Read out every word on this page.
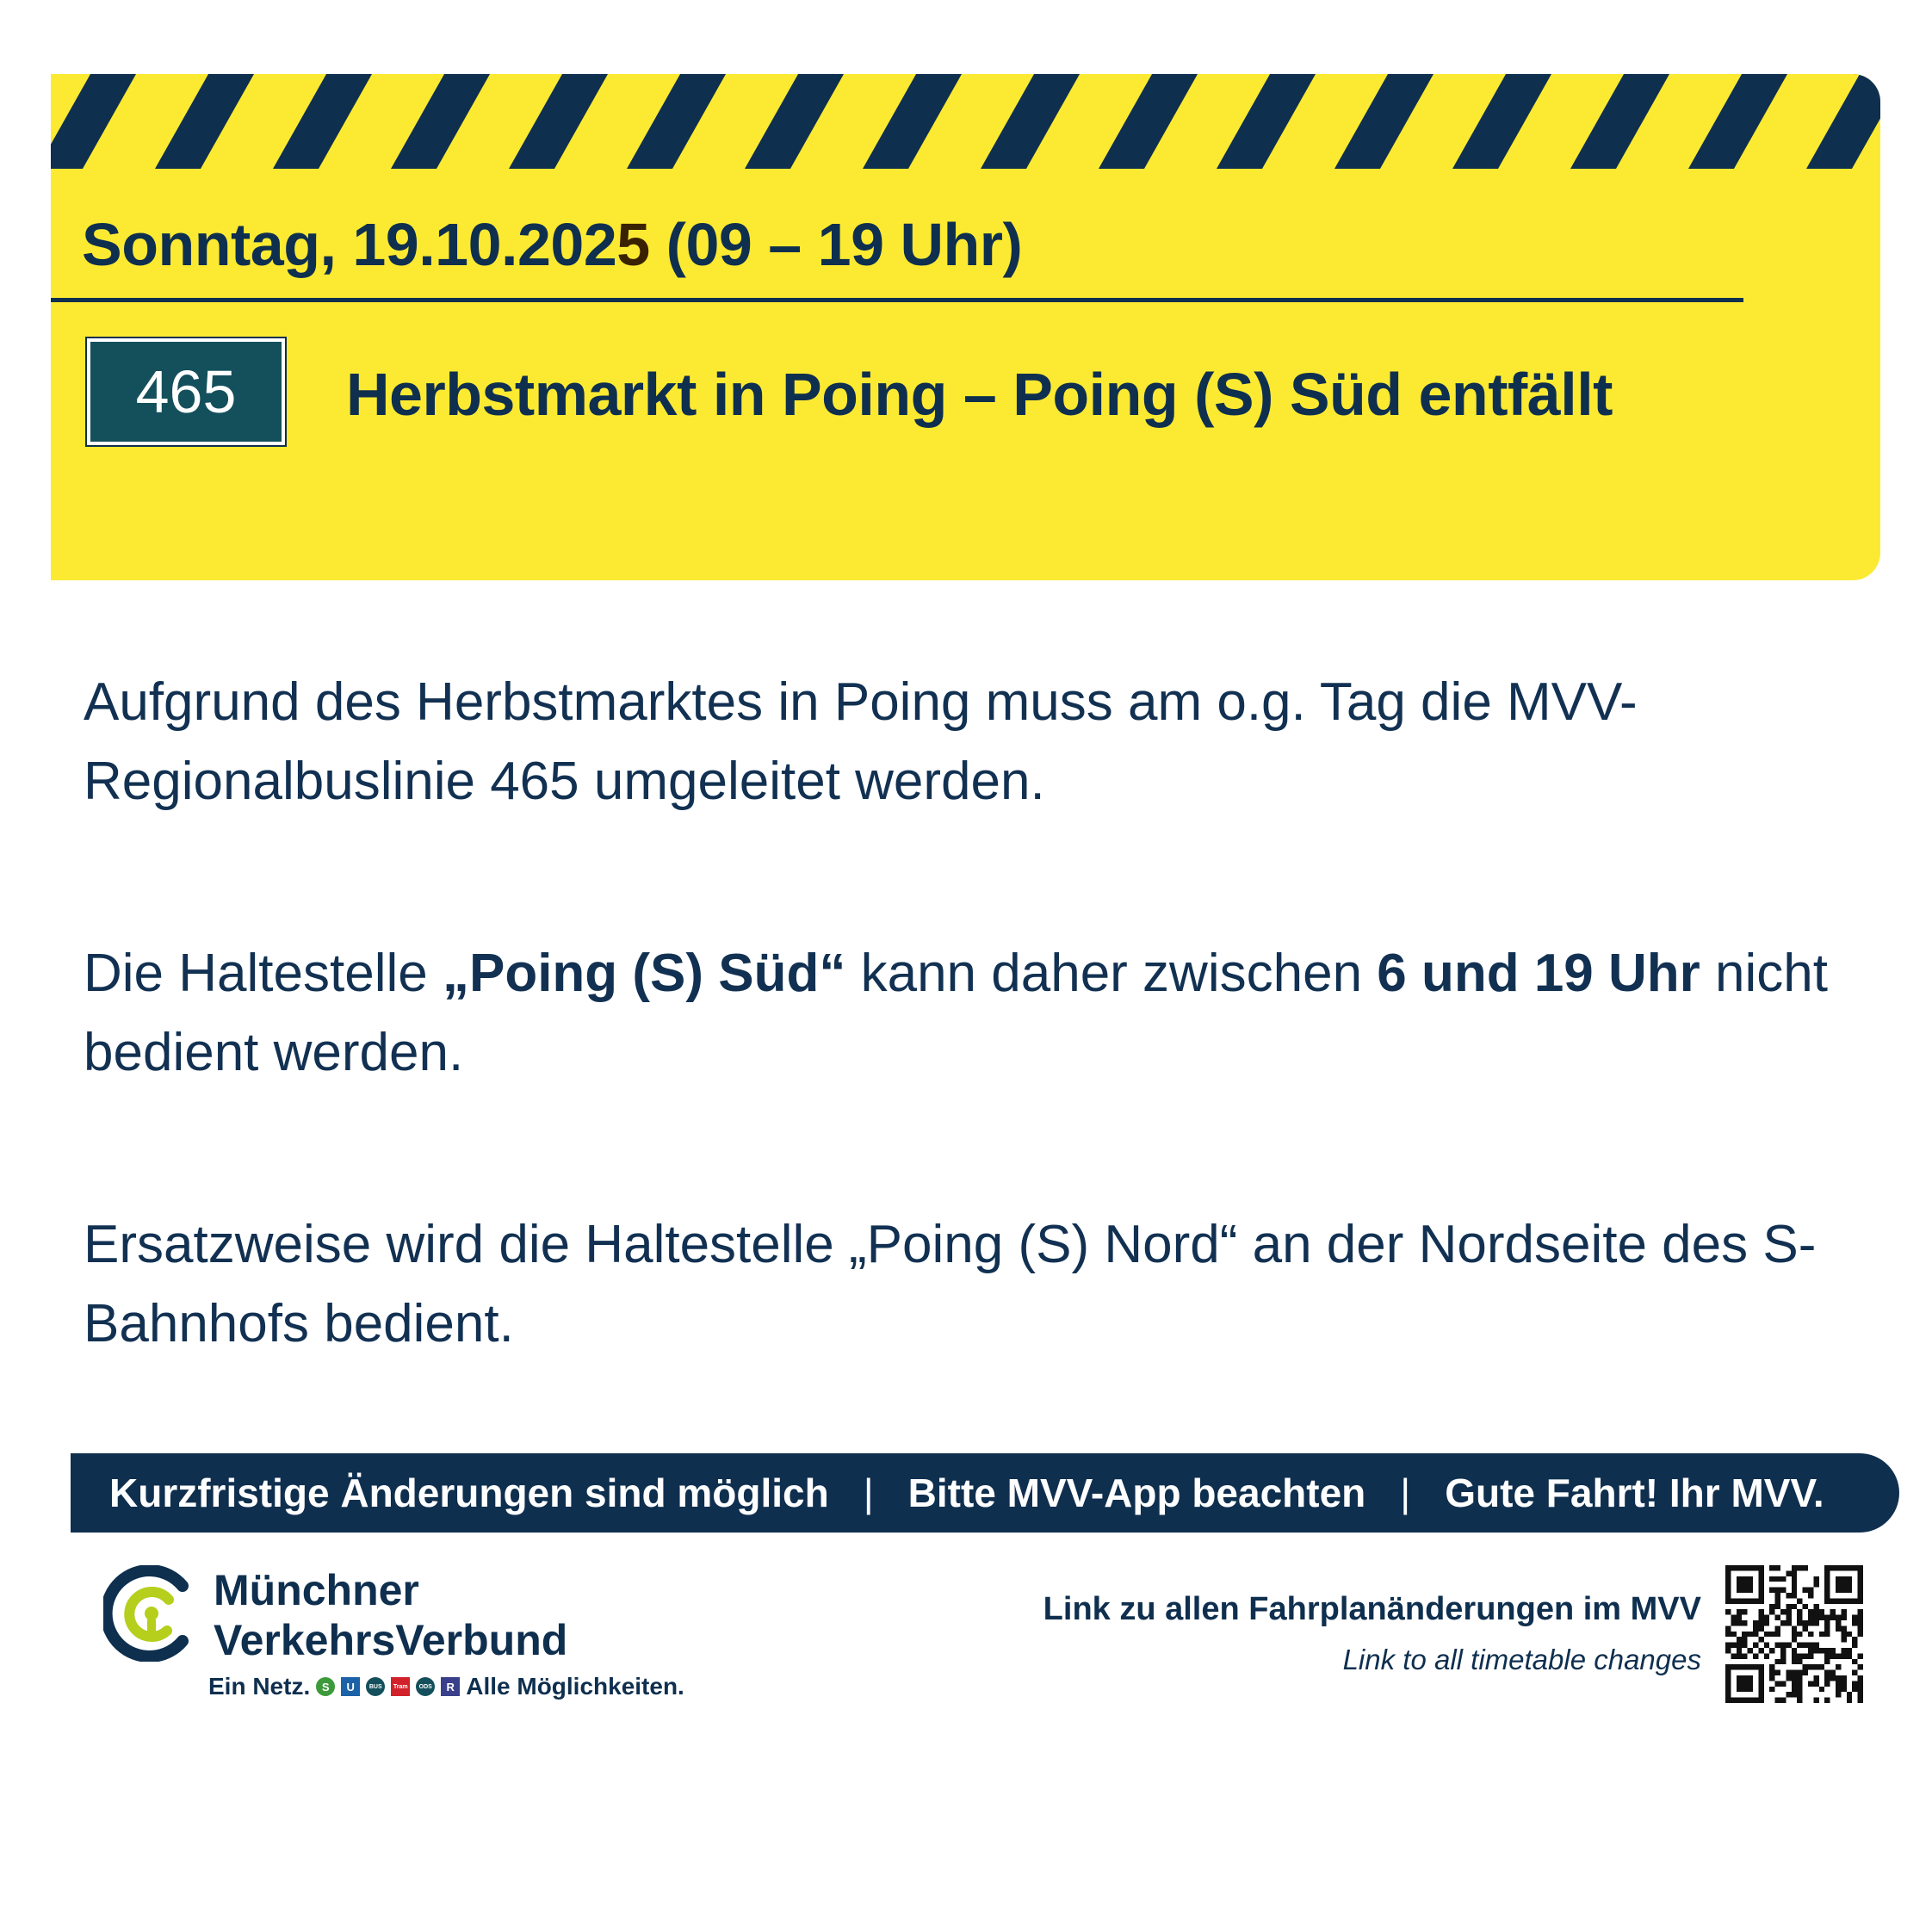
Sonntag, 19.10.2025 (09 – 19 Uhr)
465	Herbstmarkt in Poing – Poing (S) Süd entfällt

Aufgrund des Herbstmarktes in Poing muss am o.g. Tag die MVV-Regionalbuslinie 465 umgeleitet werden.

Die Haltestelle „Poing (S) Süd“ kann daher zwischen 6 und 19 Uhr nicht bedient werden.

Ersatzweise wird die Haltestelle „Poing (S) Nord“ an der Nordseite des S-Bahnhofs bedient.

Kurzfristige Änderungen sind möglich | Bitte MVV-App beachten | Gute Fahrt! Ihr MVV.
Münchner
VerkehrsVerbund
Ein Netz.	S	U	BUS	Tram	ODS	R Alle Möglichkeiten.
Link zu allen Fahrplanänderungen im MVV
Link to all timetable changes
